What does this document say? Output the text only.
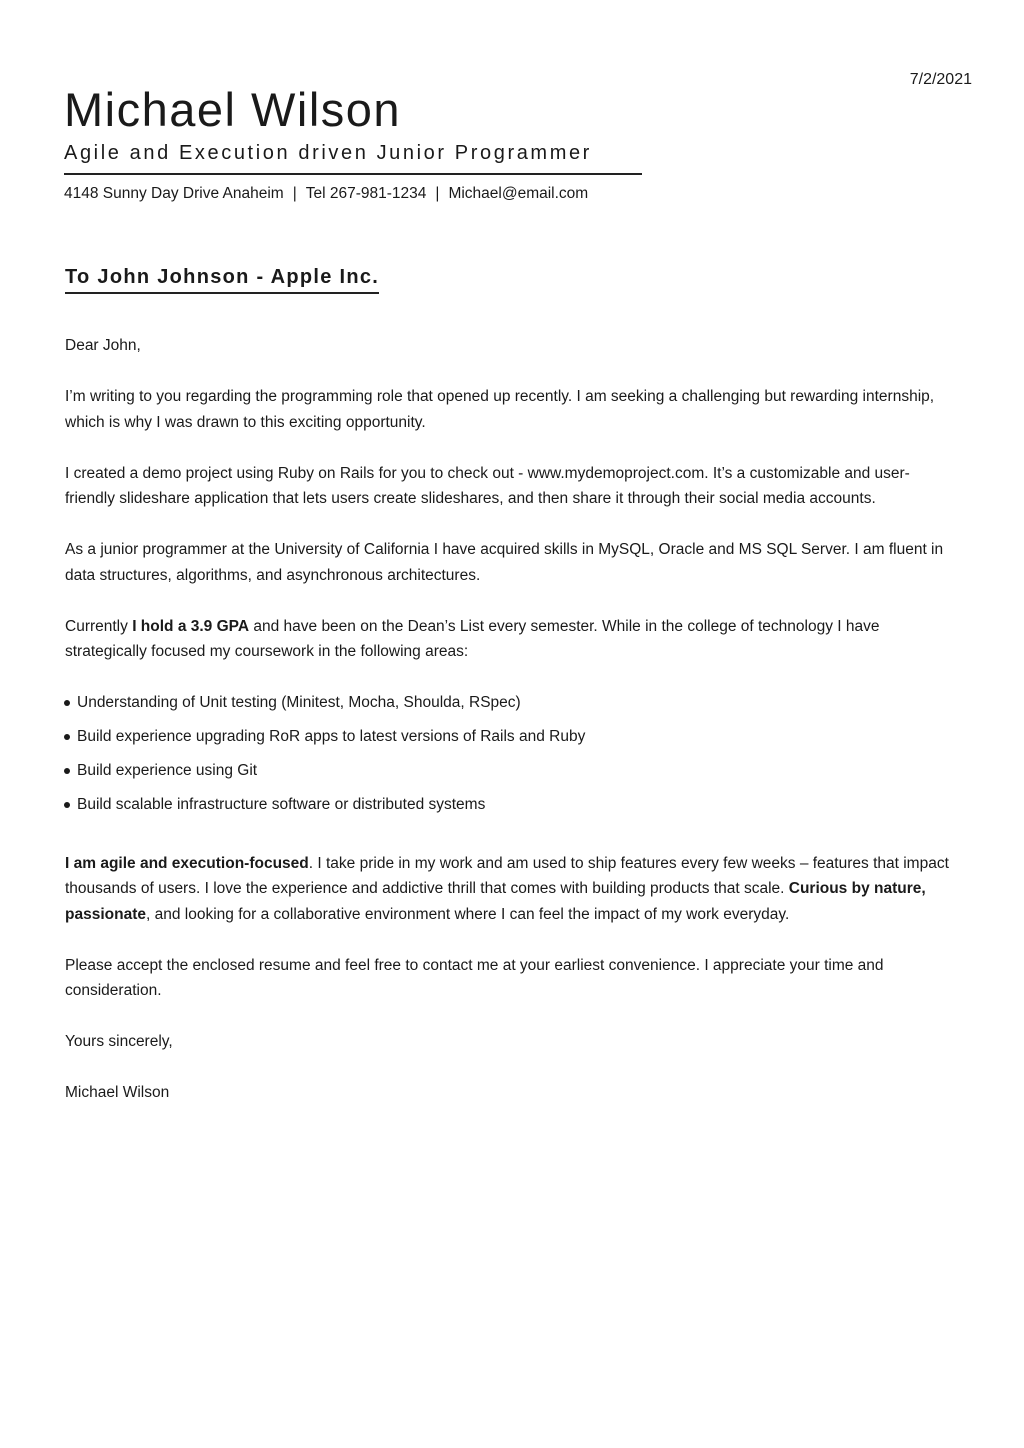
7/2/2021
Michael Wilson
Agile and Execution driven Junior Programmer
4148 Sunny Day Drive Anaheim | Tel 267-981-1234 | Michael@email.com
To John Johnson - Apple Inc.

Dear John,

I’m writing to you regarding the programming role that opened up recently. I am seeking a challenging but rewarding internship, which is why I was drawn to this exciting opportunity.

I created a demo project using Ruby on Rails for you to check out - www.mydemoproject.com. It’s a customizable and user-friendly slideshare application that lets users create slideshares, and then share it through their social media accounts.

As a junior programmer at the University of California I have acquired skills in MySQL, Oracle and MS SQL Server. I am fluent in data structures, algorithms, and asynchronous architectures.

Currently I hold a 3.9 GPA and have been on the Dean’s List every semester. While in the college of technology I have strategically focused my coursework in the following areas:

Understanding of Unit testing (Minitest, Mocha, Shoulda, RSpec)
Build experience upgrading RoR apps to latest versions of Rails and Ruby
Build experience using Git
Build scalable infrastructure software or distributed systems

I am agile and execution-focused. I take pride in my work and am used to ship features every few weeks – features that impact thousands of users. I love the experience and addictive thrill that comes with building products that scale. Curious by nature, passionate, and looking for a collaborative environment where I can feel the impact of my work everyday.

Please accept the enclosed resume and feel free to contact me at your earliest convenience. I appreciate your time and consideration.

Yours sincerely,

Michael Wilson
